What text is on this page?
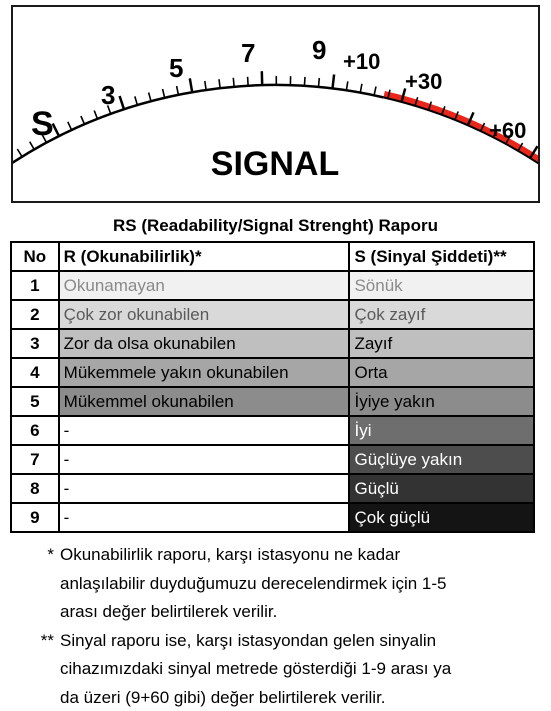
S
3
5 7 9 +10
+30
+60
SIGNAL
RS (Readability/Signal Strenght) Raporu
No	R (Okunabilirlik)*	S (Sinyal Şiddeti)**
1	Okunamayan	Sönük
2	Çok zor okunabilen	Çok zayıf
3	Zor da olsa okunabilen	Zayıf
4	Mükemmele yakın okunabilen	Orta
5	Mükemmel okunabilen	İyiye yakın
6	-	İyi
7	-	Güçlüye yakın
8	-	Güçlü
9	-	Çok güçlü
* Okunabilirlik raporu, karşı istasyonu ne kadar
anlaşılabilir duyduğumuzu derecelendirmek için 1-5
arası değer belirtilerek verilir.
** Sinyal raporu ise, karşı istasyondan gelen sinyalin
cihazımızdaki sinyal metrede gösterdiği 1-9 arası ya
da üzeri (9+60 gibi) değer belirtilerek verilir.
